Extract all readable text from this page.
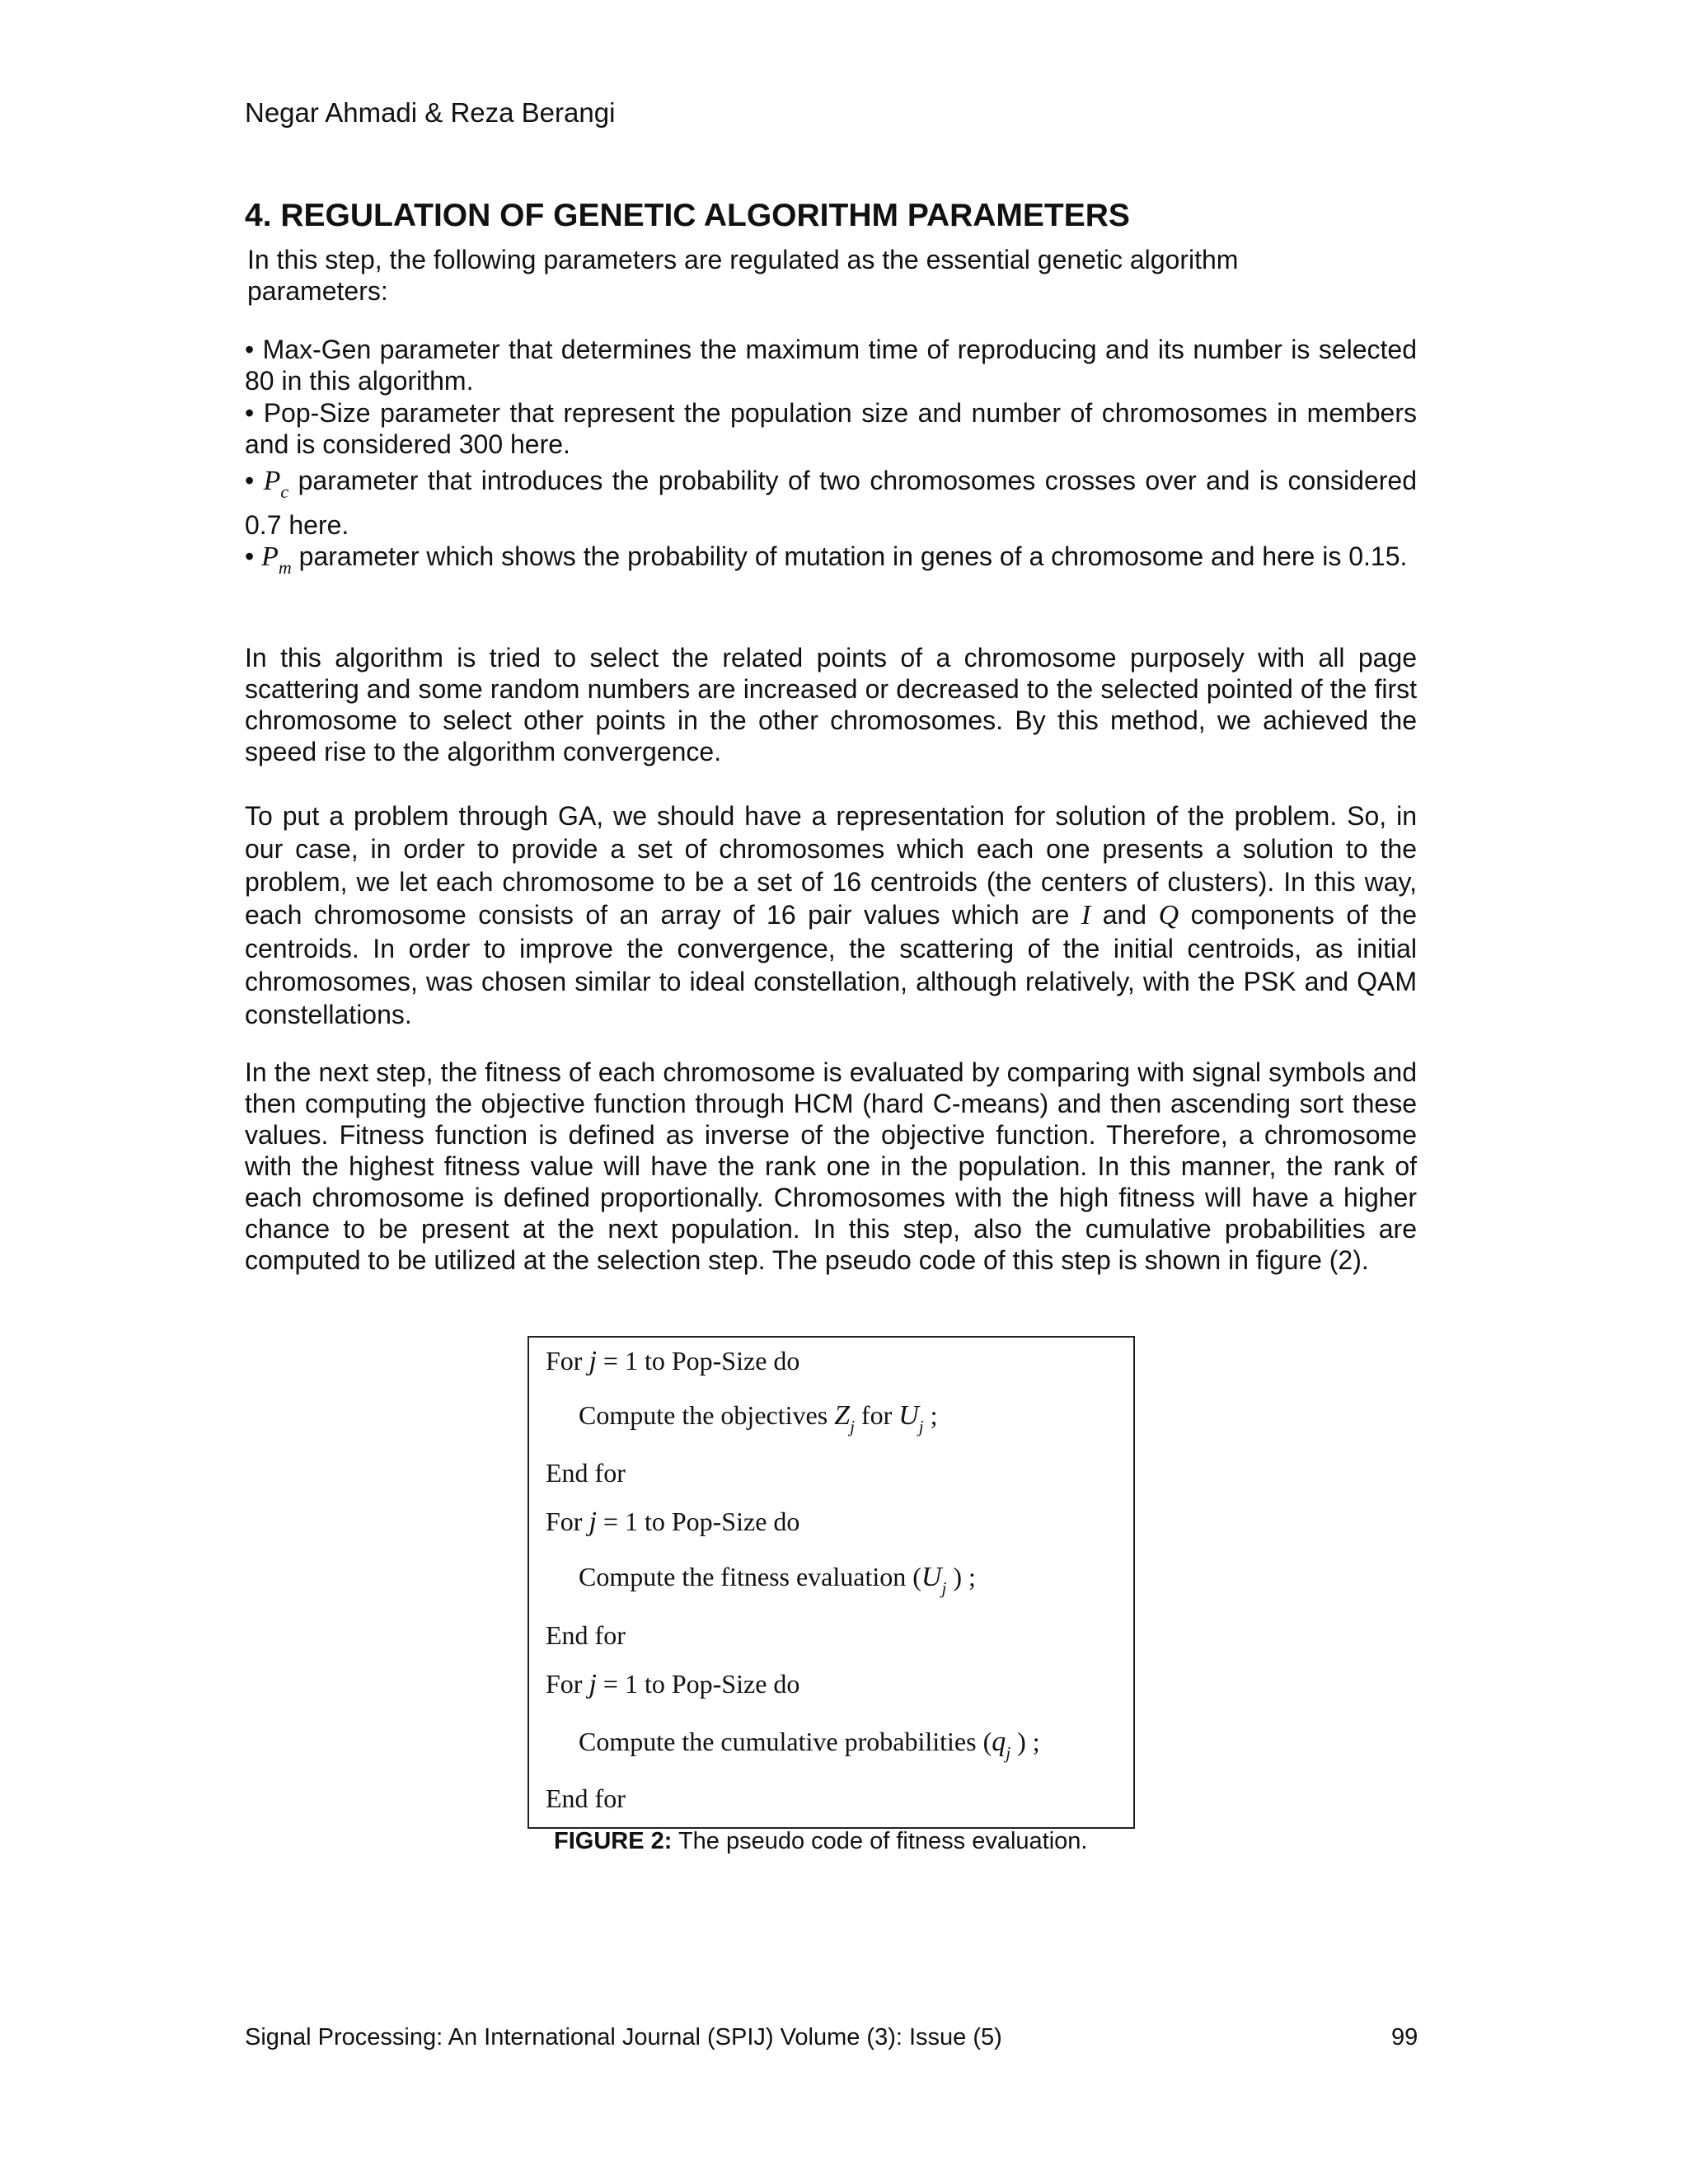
Negar Ahmadi & Reza Berangi
4. REGULATION OF GENETIC ALGORITHM PARAMETERS

In this step, the following parameters are regulated as the essential genetic algorithm parameters:

• Max-Gen parameter that determines the maximum time of reproducing and its number is selected 80 in this algorithm.

• Pop-Size parameter that represent the population size and number of chromosomes in members and is considered 300 here.

• $P_c$ parameter that introduces the probability of two chromosomes crosses over and is considered 0.7 here.

• $P_m$ parameter which shows the probability of mutation in genes of a chromosome and here is 0.15.

In this algorithm is tried to select the related points of a chromosome purposely with all page scattering and some random numbers are increased or decreased to the selected pointed of the first chromosome to select other points in the other chromosomes. By this method, we achieved the speed rise to the algorithm convergence.

To put a problem through GA, we should have a representation for solution of the problem. So, in our case, in order to provide a set of chromosomes which each one presents a solution to the problem, we let each chromosome to be a set of 16 centroids (the centers of clusters). In this way, each chromosome consists of an array of 16 pair values which are I and Q components of the centroids. In order to improve the convergence, the scattering of the initial centroids, as initial chromosomes, was chosen similar to ideal constellation, although relatively, with the PSK and QAM constellations.

In the next step, the fitness of each chromosome is evaluated by comparing with signal symbols and then computing the objective function through HCM (hard C-means) and then ascending sort these values. Fitness function is defined as inverse of the objective function. Therefore, a chromosome with the highest fitness value will have the rank one in the population. In this manner, the rank of each chromosome is defined proportionally. Chromosomes with the high fitness will have a higher chance to be present at the next population. In this step, also the cumulative probabilities are computed to be utilized at the selection step. The pseudo code of this step is shown in figure (2).

For j = 1 to Pop-Size do
Compute the objectives $Z_j$ for $U_j$ ;
End for
For j = 1 to Pop-Size do
Compute the fitness evaluation ($U_j$ ) ;
End for
For j = 1 to Pop-Size do
Compute the cumulative probabilities ($q_j$ ) ;
End for
FIGURE 2: The pseudo code of fitness evaluation.
Signal Processing: An International Journal (SPIJ) Volume (3): Issue (5)	99
